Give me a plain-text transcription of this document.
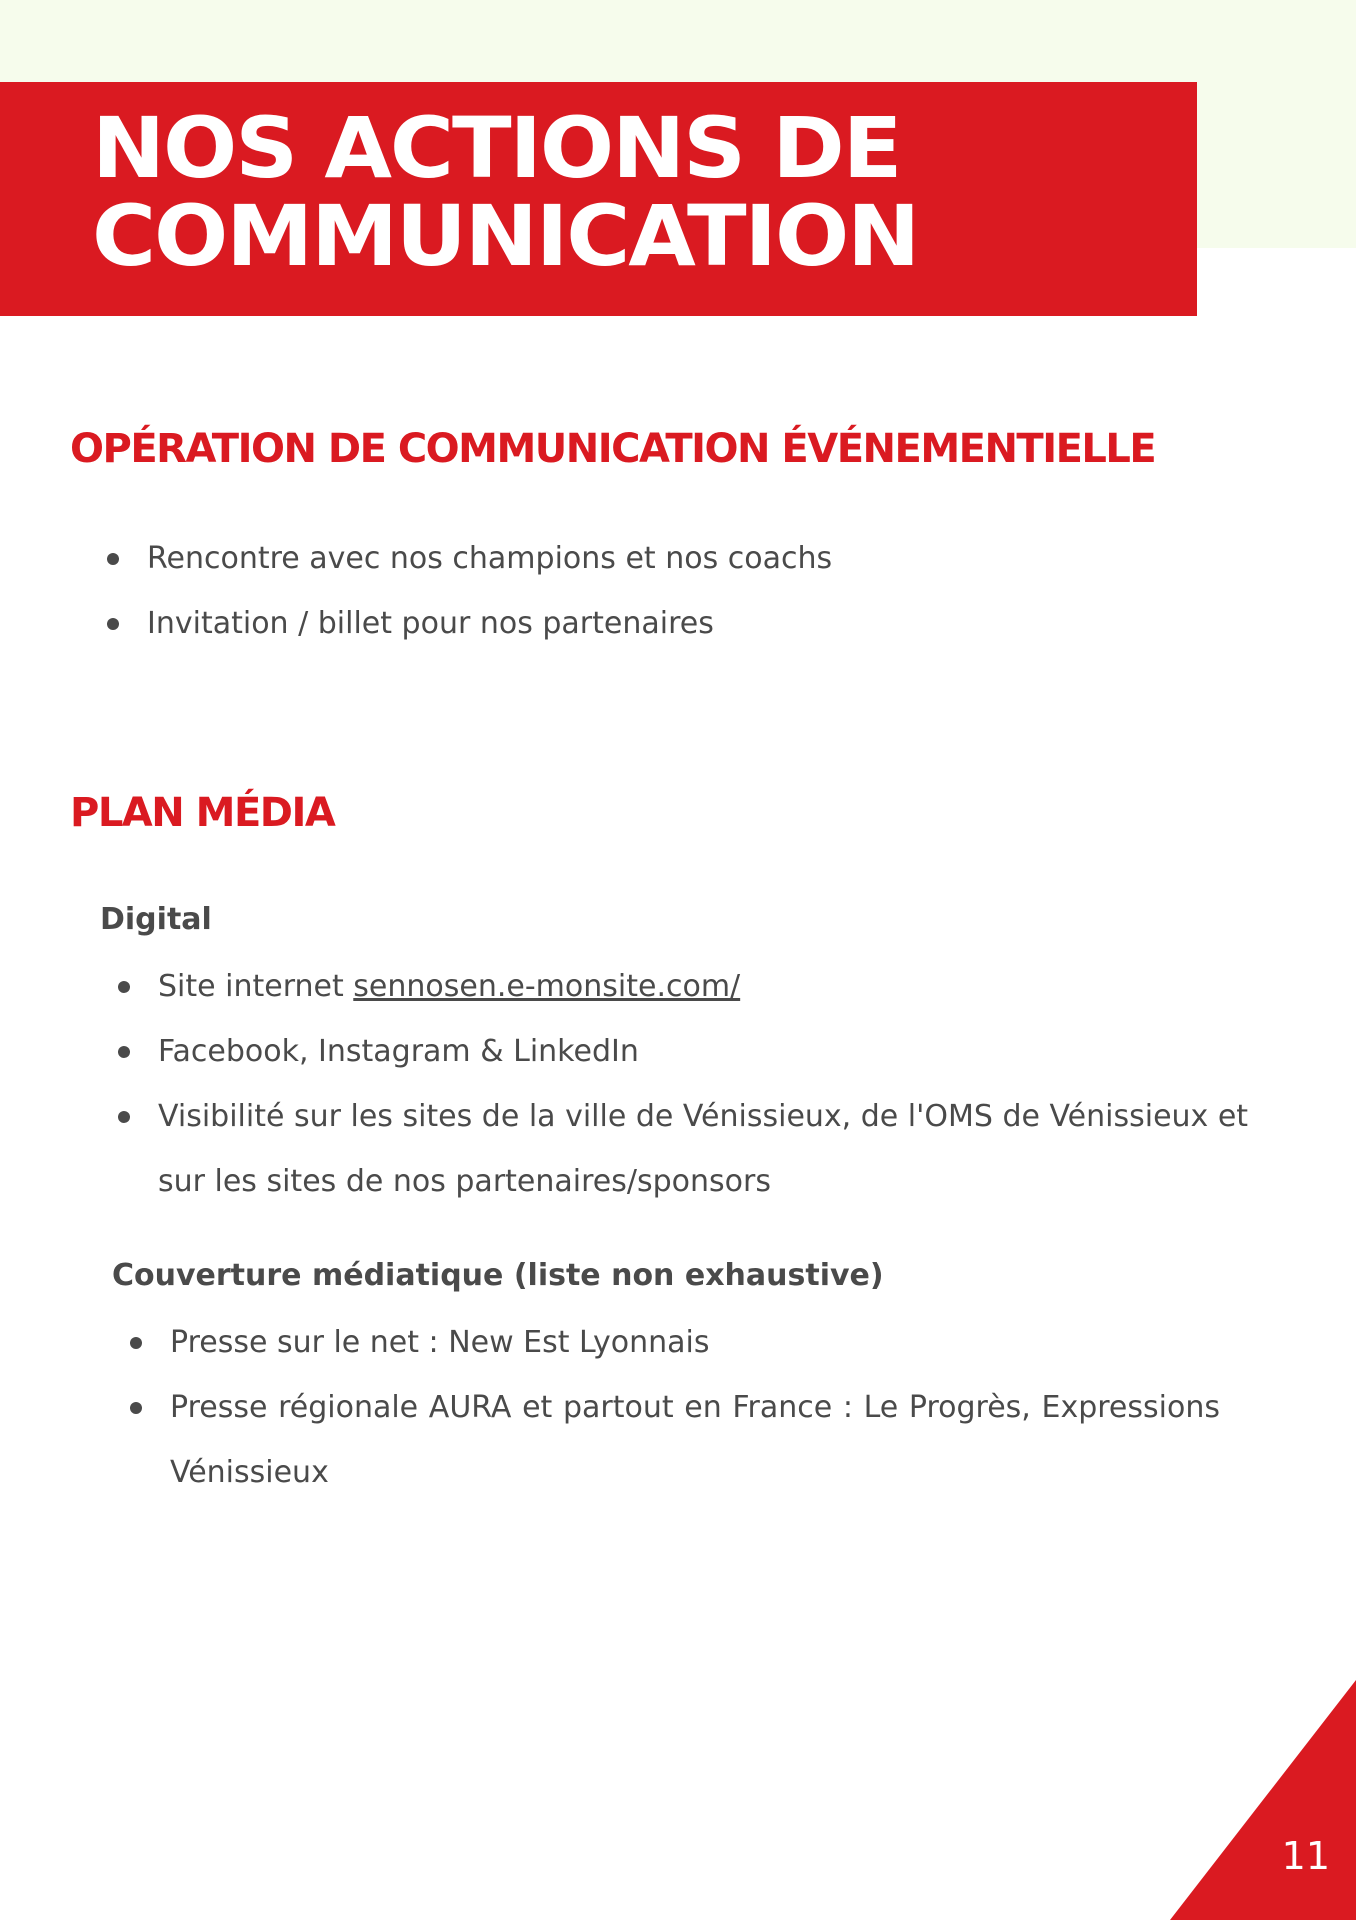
NOS ACTIONS DE
COMMUNICATION
OPÉRATION DE COMMUNICATION ÉVÉNEMENTIELLE
Rencontre avec nos champions et nos coachs
Invitation / billet pour nos partenaires
PLAN MÉDIA
Digital
Site internet sennosen.e-monsite.com/
Facebook, Instagram & LinkedIn
Visibilité sur les sites de la ville de Vénissieux, de l'OMS de Vénissieux et sur les sites de nos partenaires/sponsors
Couverture médiatique (liste non exhaustive)
Presse sur le net : New Est Lyonnais
Presse régionale AURA et partout en France : Le Progrès, Expressions Vénissieux
11
